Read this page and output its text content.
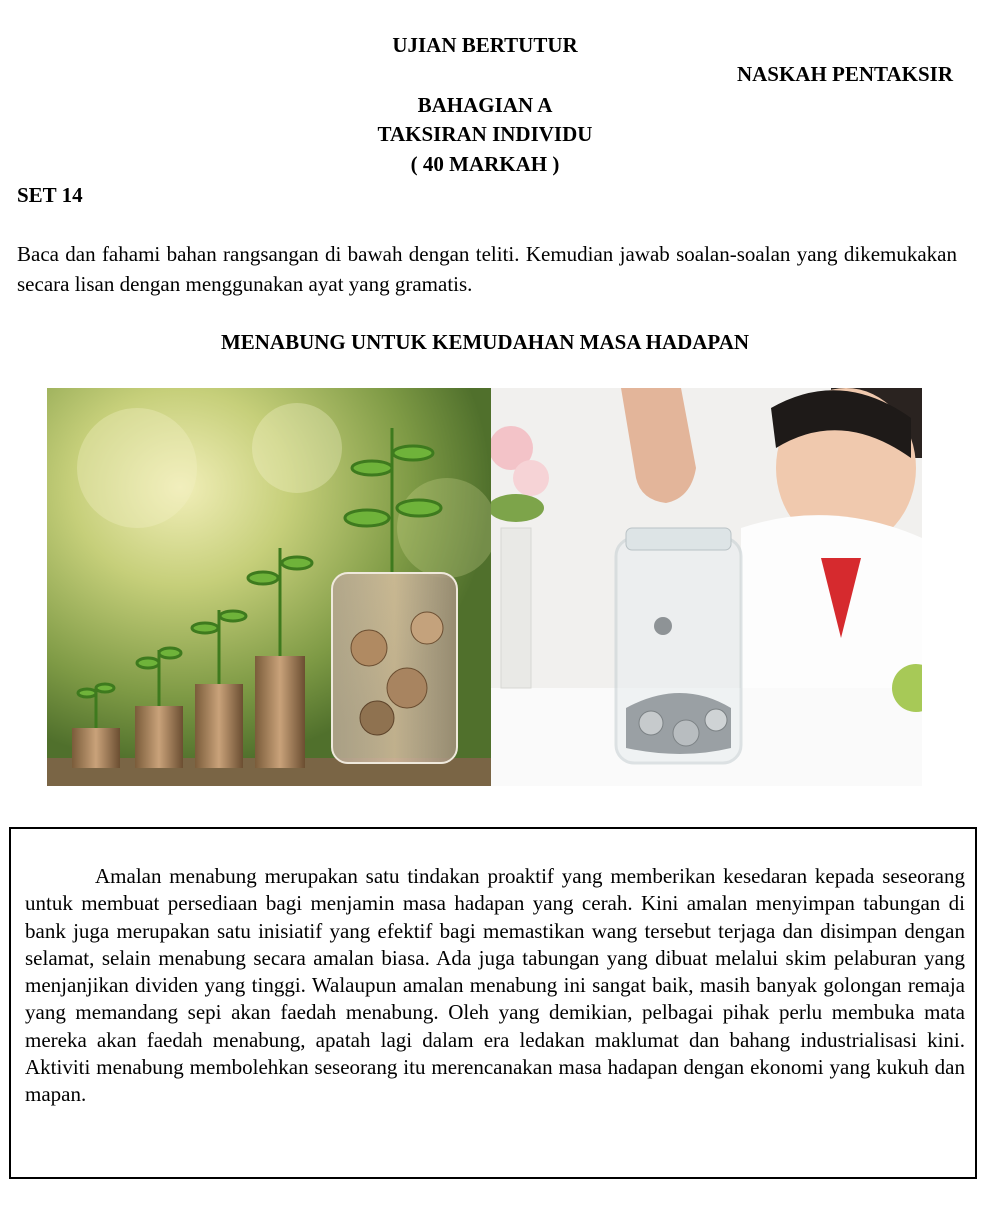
UJIAN BERTUTUR
NASKAH PENTAKSIR
BAHAGIAN A
TAKSIRAN INDIVIDU
( 40 MARKAH )
SET 14
Baca dan fahami bahan rangsangan di bawah dengan teliti. Kemudian jawab soalan-soalan yang dikemukakan secara lisan dengan menggunakan ayat yang gramatis.
MENABUNG UNTUK KEMUDAHAN MASA HADAPAN

Amalan menabung merupakan satu tindakan proaktif yang memberikan kesedaran kepada seseorang untuk membuat persediaan bagi menjamin masa hadapan yang cerah. Kini amalan menyimpan tabungan di bank juga merupakan satu inisiatif yang efektif bagi memastikan wang tersebut terjaga dan disimpan dengan selamat, selain menabung secara amalan biasa. Ada juga tabungan yang dibuat melalui skim pelaburan yang menjanjikan dividen yang tinggi. Walaupun amalan menabung ini sangat baik, masih banyak golongan remaja yang memandang sepi akan faedah menabung. Oleh yang demikian, pelbagai pihak perlu membuka mata mereka akan faedah menabung, apatah lagi dalam era ledakan maklumat dan bahang industrialisasi kini. Aktiviti menabung membolehkan seseorang itu merencanakan masa hadapan dengan ekonomi yang kukuh dan mapan.
